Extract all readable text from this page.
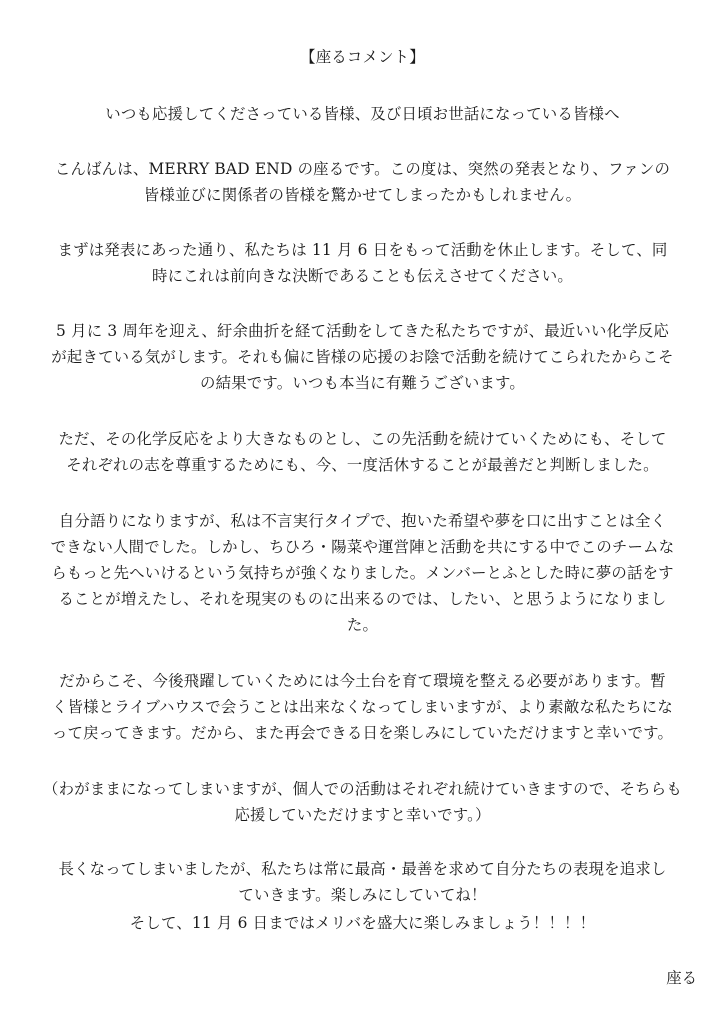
【座るコメント】
いつも応援してくださっている皆様、及び日頃お世話になっている皆様へ
こんばんは、MERRY BAD END の座るです。この度は、突然の発表となり、ファンの
皆様並びに関係者の皆様を驚かせてしまったかもしれません。
まずは発表にあった通り、私たちは 11 月 6 日をもって活動を休止します。そして、同
時にこれは前向きな決断であることも伝えさせてください。
5 月に 3 周年を迎え、紆余曲折を経て活動をしてきた私たちですが、最近いい化学反応
が起きている気がします。それも偏に皆様の応援のお陰で活動を続けてこられたからこそ
の結果です。いつも本当に有難うございます。
ただ、その化学反応をより大きなものとし、この先活動を続けていくためにも、そして
それぞれの志を尊重するためにも、今、一度活休することが最善だと判断しました。
自分語りになりますが、私は不言実行タイプで、抱いた希望や夢を口に出すことは全く
できない人間でした。しかし、ちひろ・陽菜や運営陣と活動を共にする中でこのチームな
らもっと先へいけるという気持ちが強くなりました。メンバーとふとした時に夢の話をす
ることが増えたし、それを現実のものに出来るのでは、したい、と思うようになりまし
た。
だからこそ、今後飛躍していくためには今土台を育て環境を整える必要があります。暫
く皆様とライブハウスで会うことは出来なくなってしまいますが、より素敵な私たちにな
って戻ってきます。だから、また再会できる日を楽しみにしていただけますと幸いです。
（わがままになってしまいますが、個人での活動はそれぞれ続けていきますので、そちらも
応援していただけますと幸いです。）
長くなってしまいましたが、私たちは常に最高・最善を求めて自分たちの表現を追求し
ていきます。楽しみにしていてね！
そして、11 月 6 日まではメリバを盛大に楽しみましょう！！！！
座る
